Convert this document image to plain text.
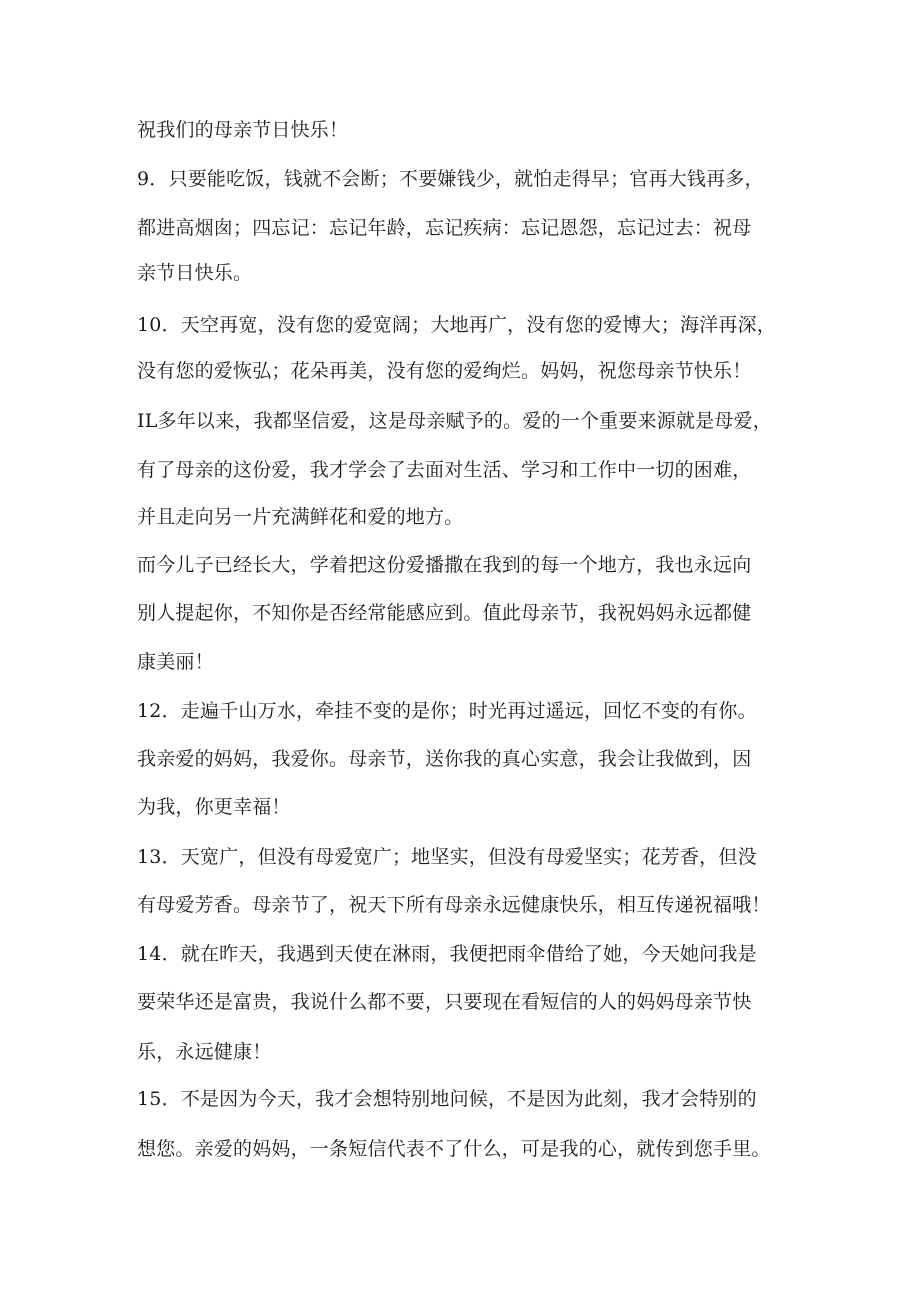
祝我们的母亲节日快乐！
9．只要能吃饭，钱就不会断；不要嫌钱少，就怕走得早；官再大钱再多，
都进高烟囱；四忘记：忘记年龄，忘记疾病：忘记恩怨，忘记过去：祝母
亲节日快乐。
10．天空再宽，没有您的爱宽阔；大地再广，没有您的爱博大；海洋再深，
没有您的爱恢弘；花朵再美，没有您的爱绚烂。妈妈，祝您母亲节快乐！
IL多年以来，我都坚信爱，这是母亲赋予的。爱的一个重要来源就是母爱，
有了母亲的这份爱，我才学会了去面对生活、学习和工作中一切的困难，
并且走向另一片充满鲜花和爱的地方。
而今儿子已经长大，学着把这份爱播撒在我到的每一个地方，我也永远向
别人提起你，不知你是否经常能感应到。值此母亲节，我祝妈妈永远都健
康美丽！
12．走遍千山万水，牵挂不变的是你；时光再过遥远，回忆不变的有你。
我亲爱的妈妈，我爱你。母亲节，送你我的真心实意，我会让我做到，因
为我，你更幸福！
13．天宽广，但没有母爱宽广；地坚实，但没有母爱坚实；花芳香，但没
有母爱芳香。母亲节了，祝天下所有母亲永远健康快乐，相互传递祝福哦！
14．就在昨天，我遇到天使在淋雨，我便把雨伞借给了她，今天她问我是
要荣华还是富贵，我说什么都不要，只要现在看短信的人的妈妈母亲节快
乐，永远健康！
15．不是因为今天，我才会想特别地问候，不是因为此刻，我才会特别的
想您。亲爱的妈妈，一条短信代表不了什么，可是我的心，就传到您手里。
